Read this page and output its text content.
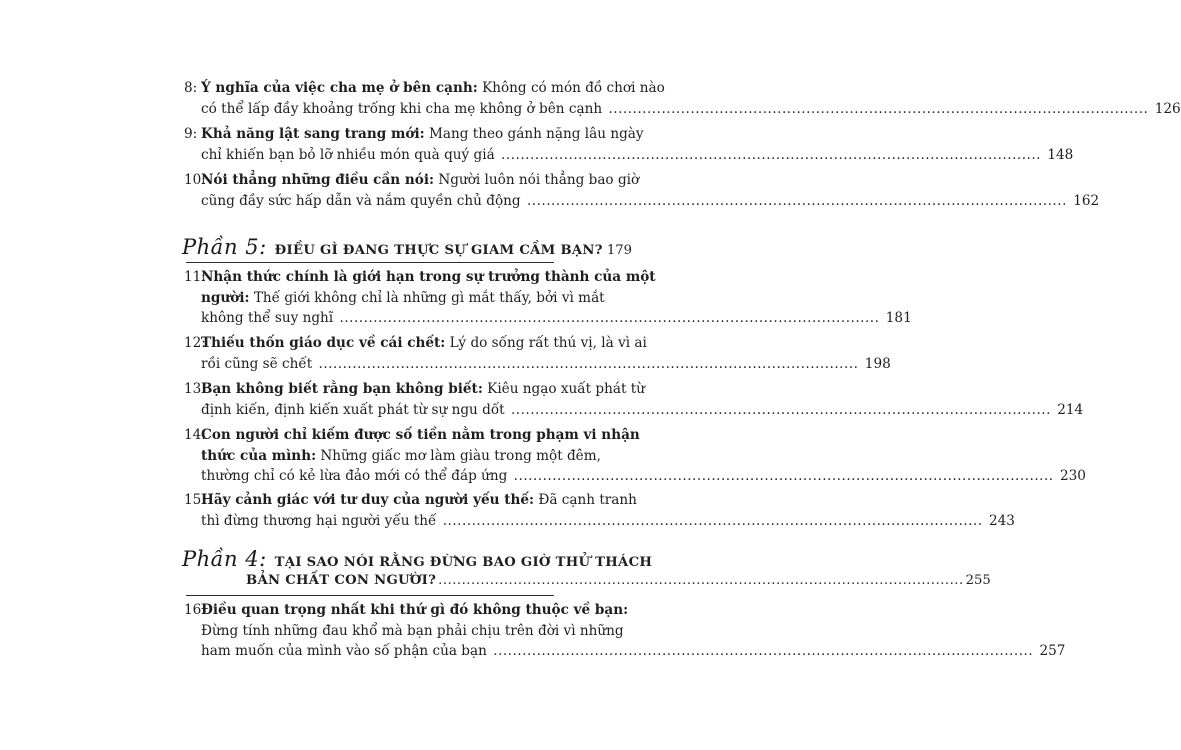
8: Ý nghĩa của việc cha mẹ ở bên cạnh: Không có món đồ chơi nào
có thể lấp đầy khoảng trống khi cha mẹ không ở bên cạnh .....	126
9: Khả năng lật sang trang mới: Mang theo gánh nặng lâu ngày
chỉ khiến bạn bỏ lỡ nhiều món quà quý giá .....	148
10:
Nói thẳng những điều cần nói: Người luôn nói thẳng bao giờ
cũng đầy sức hấp dẫn và nắm quyền chủ động .....	162
Phần 5: ĐIỀU GÌ ĐANG THỰC SỰ GIAM CẦM BẠN? 179
11:
Nhận thức chính là giới hạn trong sự trưởng thành của một
người: Thế giới không chỉ là những gì mắt thấy, bởi vì mắt
không thể suy nghĩ .....	181
12:
Thiếu thốn giáo dục về cái chết: Lý do sống rất thú vị, là vì ai
rồi cũng sẽ chết .....	198
13:
Bạn không biết rằng bạn không biết: Kiêu ngạo xuất phát từ
định kiến, định kiến xuất phát từ sự ngu dốt .....	214
14:
Con người chỉ kiếm được số tiền nằm trong phạm vi nhận
thức của mình: Những giấc mơ làm giàu trong một đêm,
thường chỉ có kẻ lừa đảo mới có thể đáp ứng .....	230
15:
Hãy cảnh giác với tư duy của người yếu thế: Đã cạnh tranh
thì đừng thương hại người yếu thế .....	243
Phần 4: TẠI SAO NÓI RẰNG ĐỪNG BAO GIỜ THỬ THÁCH
BẢN CHẤT CON NGƯỜI? .....	255
16:
Điều quan trọng nhất khi thứ gì đó không thuộc về bạn:
Đừng tính những đau khổ mà bạn phải chịu trên đời vì những
ham muốn của mình vào số phận của bạn .....	257
